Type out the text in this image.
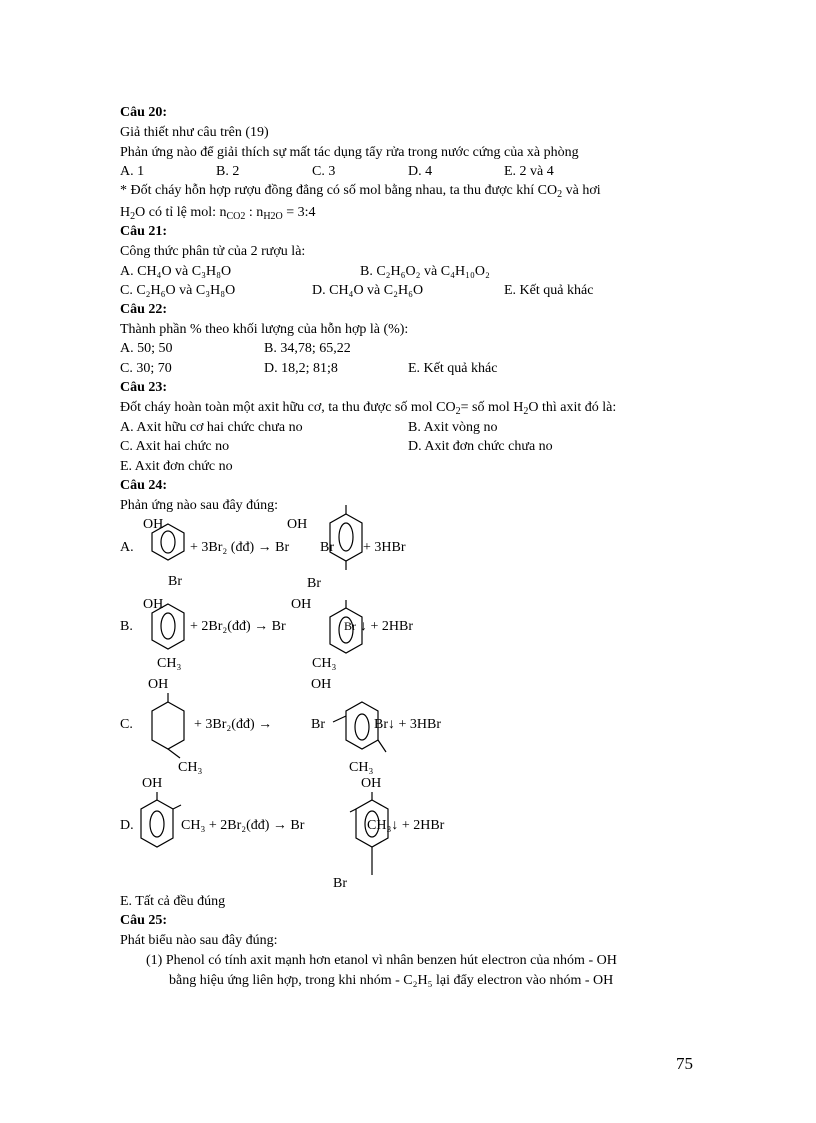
Câu 20:
Giả thiết như câu trên (19)
Phản ứng nào để giải thích sự mất tác dụng tẩy rửa trong nước cứng của xà phòng
A. 1	B. 2	C. 3	D. 4	E. 2 và 4
* Đốt cháy hỗn hợp rượu đồng đẳng có số mol bằng nhau, ta thu được khí $CO_2$ và hơi
$H_2O$ có tỉ lệ mol: $n_{CO2}$ : $n_{H2O}$ = 3:4
Câu 21:
Công thức phân tử của 2 rượu là:
A. CH₄O và C₃H₈O	B. C₂H₆O₂ và C₄H₁₀O₂
C. C₂H₆O và C₃H₈O	D. CH₄O và C₂H₆O	E. Kết quả khác
Câu 22:
Thành phần % theo khối lượng của hỗn hợp là (%):
A. 50; 50	B. 34,78; 65,22
C. 30; 70	D. 18,2; 81;8	E. Kết quả khác
Câu 23:
Đốt cháy hoàn toàn một axit hữu cơ, ta thu được số mol $CO_2=$ số mol $H_2O$ thì axit đó là:
A. Axit hữu cơ hai chức chưa no	B. Axit vòng no
C. Axit hai chức no	D. Axit đơn chức chưa no
E. Axit đơn chức no
Câu 24:
Phản ứng nào sau đây đúng:
A.
OH
Br
+ 3Br₂ (đđ) → Br
OH
Br + 3HBr
Br
B.
OH
CH₃
+ 2Br₂(đđ) → Br
OH
Br ↓ + 2HBr
CH₃
OH	OH
C.
CH₃
+ 3Br₂(đđ) →	Br	Br↓ + 3HBr
CH₃
OH	OH
D.	CH₃ + 2Br₂(đđ) → Br	CH₃↓ + 2HBr
Br
E. Tất cả đều đúng
Câu 25:
Phát biểu nào sau đây đúng:
(1) Phenol có tính axit mạnh hơn etanol vì nhân benzen hút electron của nhóm - OH
bằng hiệu ứng liên hợp, trong khi nhóm - C₂H₅ lại đẩy electron vào nhóm - OH
75
